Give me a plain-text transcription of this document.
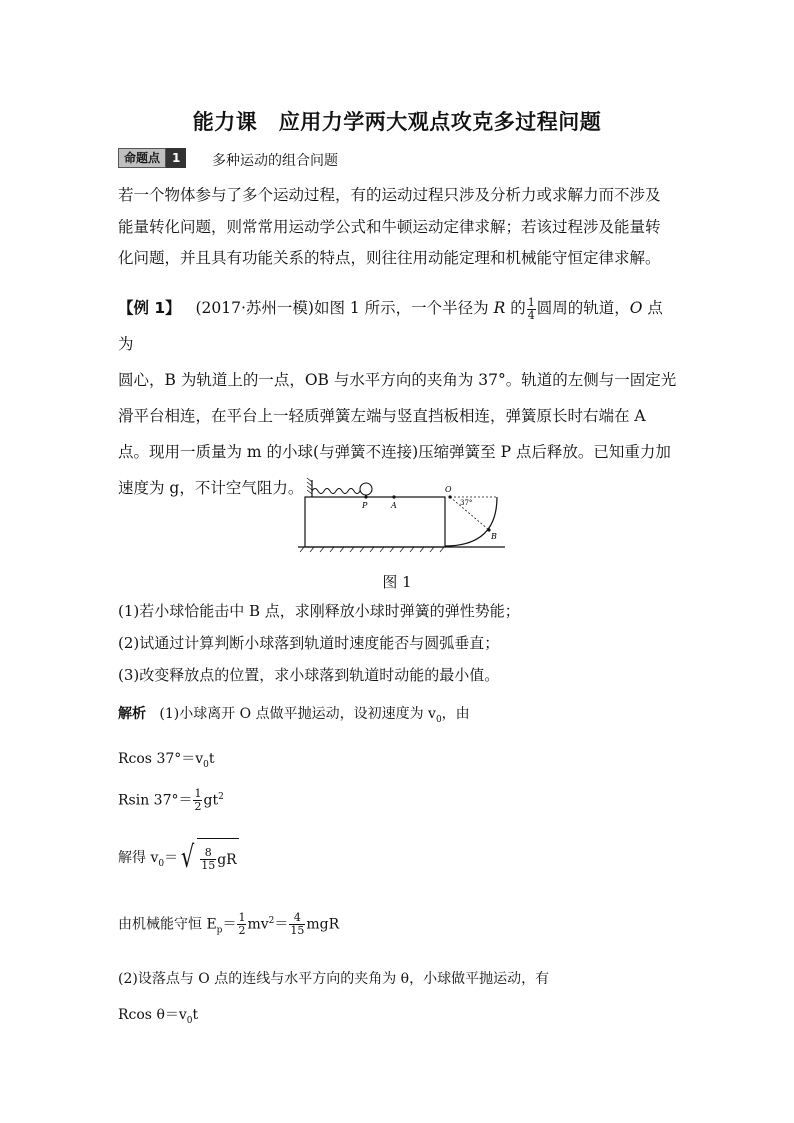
能力课　应用力学两大观点攻克多过程问题
命题点	1	多种运动的组合问题
若一个物体参与了多个运动过程，有的运动过程只涉及分析力或求解力而不涉及
能量转化问题，则常常用运动学公式和牛顿运动定律求解；若该过程涉及能量转
化问题，并且具有功能关系的特点，则往往用动能定理和机械能守恒定律求解。
【例 1】 (2017·苏州一模)如图 1 所示，一个半径为 R 的 $\frac{1}{4}$ 圆周的轨道，O 点为
圆心，B 为轨道上的一点，OB 与水平方向的夹角为 37°。轨道的左侧与一固定光
滑平台相连，在平台上一轻质弹簧左端与竖直挡板相连，弹簧原长时右端在 A
点。现用一质量为 m 的小球(与弹簧不连接)压缩弹簧至 P 点后释放。已知重力加
速度为 g，不计空气阻力。
P	A
O
B
37°
图 1
(1)若小球恰能击中 B 点，求刚释放小球时弹簧的弹性势能；
(2)试通过计算判断小球落到轨道时速度能否与圆弧垂直；
(3)改变释放点的位置，求小球落到轨道时动能的最小值。
解析 (1)小球离开 O 点做平抛运动，设初速度为 $v_0$，由
Rcos $37^\circ=v_0t$
Rsin $37^\circ= \frac{1}{2} gt^2$
解得 $v_0=$ √ $\frac{8}{15}$ gR
由机械能守恒 $E_p= \frac{1}{2} mv^2= \frac{4}{15}$ mgR
(2)设落点与 O 点的连线与水平方向的夹角为 θ，小球做平抛运动，有
Rcos $\theta=v_0t$
